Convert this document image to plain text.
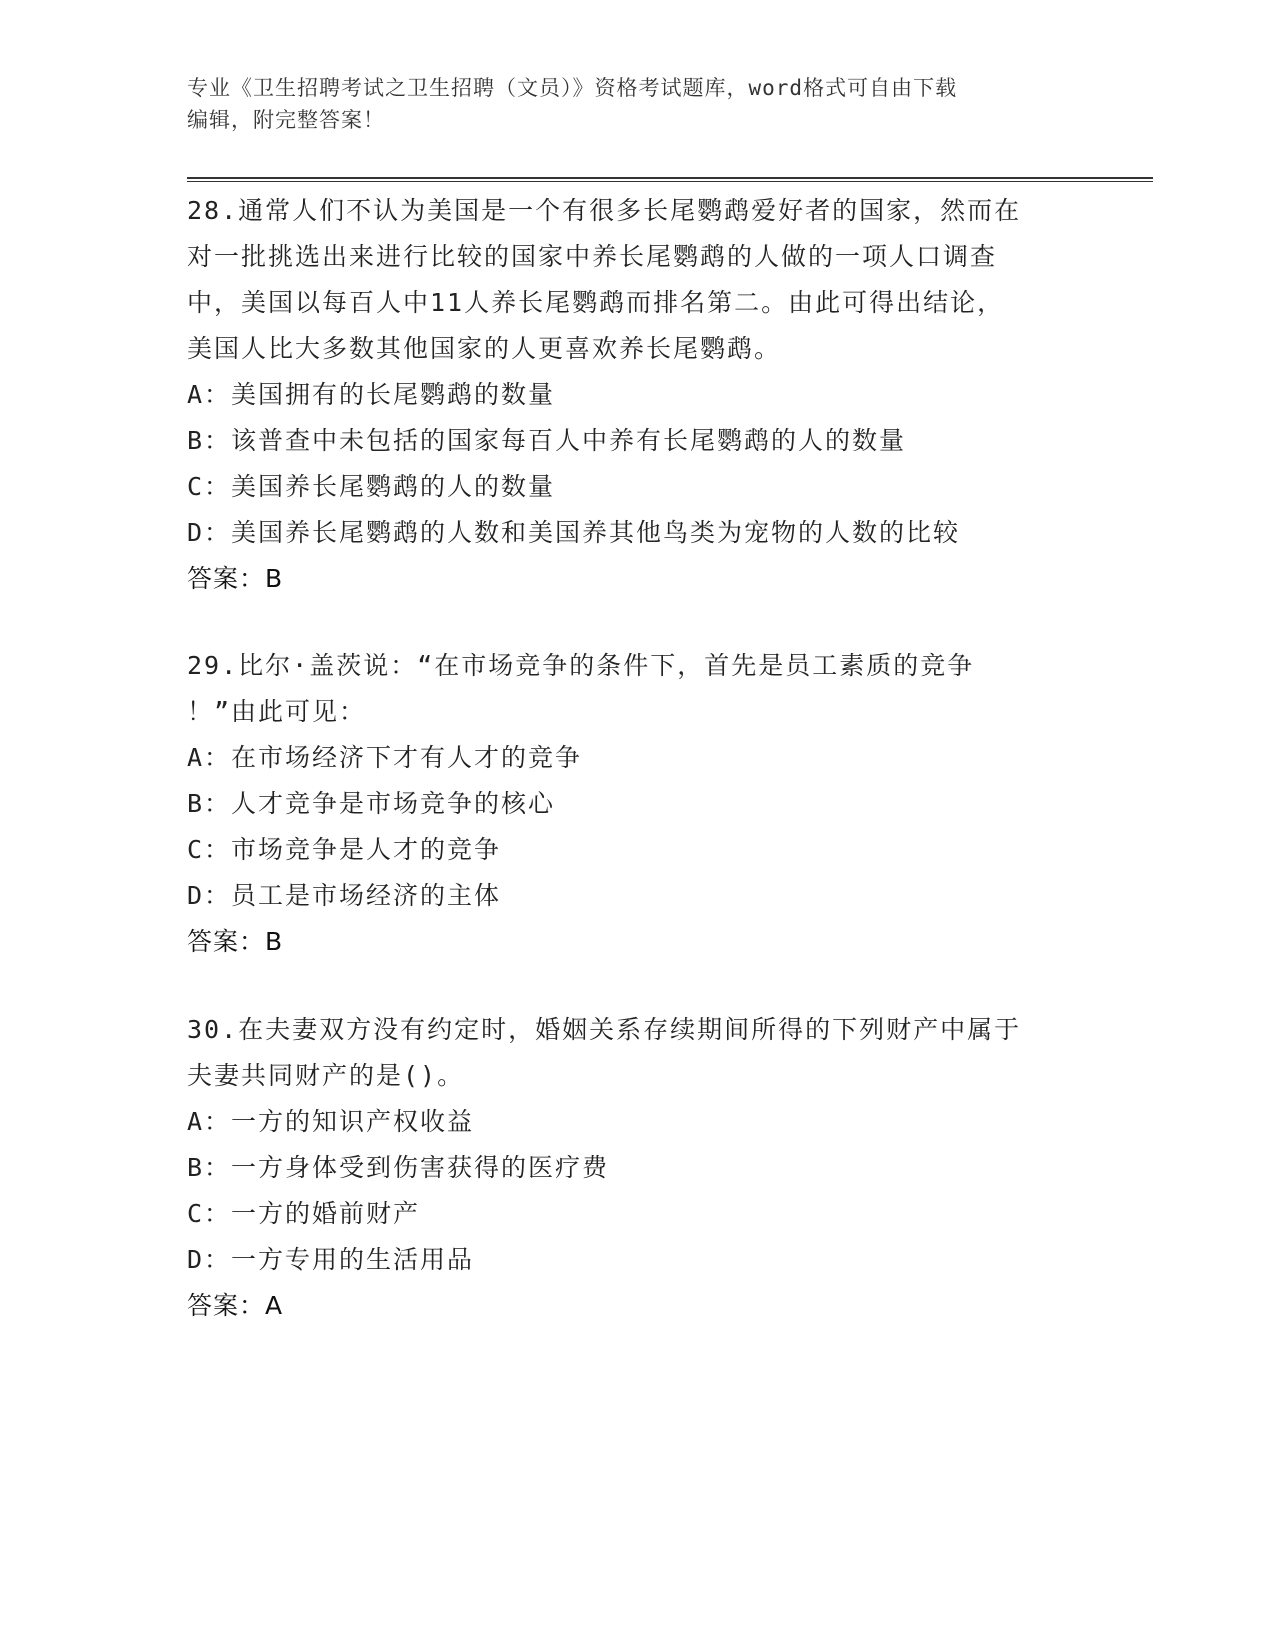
专业《卫生招聘考试之卫生招聘（文员）》资格考试题库，word格式可自由下载
编辑，附完整答案！

28.通常人们不认为美国是一个有很多长尾鹦鹉爱好者的国家，然而在

对一批挑选出来进行比较的国家中养长尾鹦鹉的人做的一项人口调查

中，美国以每百人中11人养长尾鹦鹉而排名第二。由此可得出结论，

美国人比大多数其他国家的人更喜欢养长尾鹦鹉。

A：美国拥有的长尾鹦鹉的数量

B：该普查中未包括的国家每百人中养有长尾鹦鹉的人的数量

C：美国养长尾鹦鹉的人的数量

D：美国养长尾鹦鹉的人数和美国养其他鸟类为宠物的人数的比较

答案：B

29.比尔·盖茨说：“在市场竞争的条件下，首先是员工素质的竞争

！”由此可见：

A：在市场经济下才有人才的竞争

B：人才竞争是市场竞争的核心

C：市场竞争是人才的竞争

D：员工是市场经济的主体

答案：B

30.在夫妻双方没有约定时，婚姻关系存续期间所得的下列财产中属于

夫妻共同财产的是()。

A：一方的知识产权收益

B：一方身体受到伤害获得的医疗费

C：一方的婚前财产

D：一方专用的生活用品

答案：A
